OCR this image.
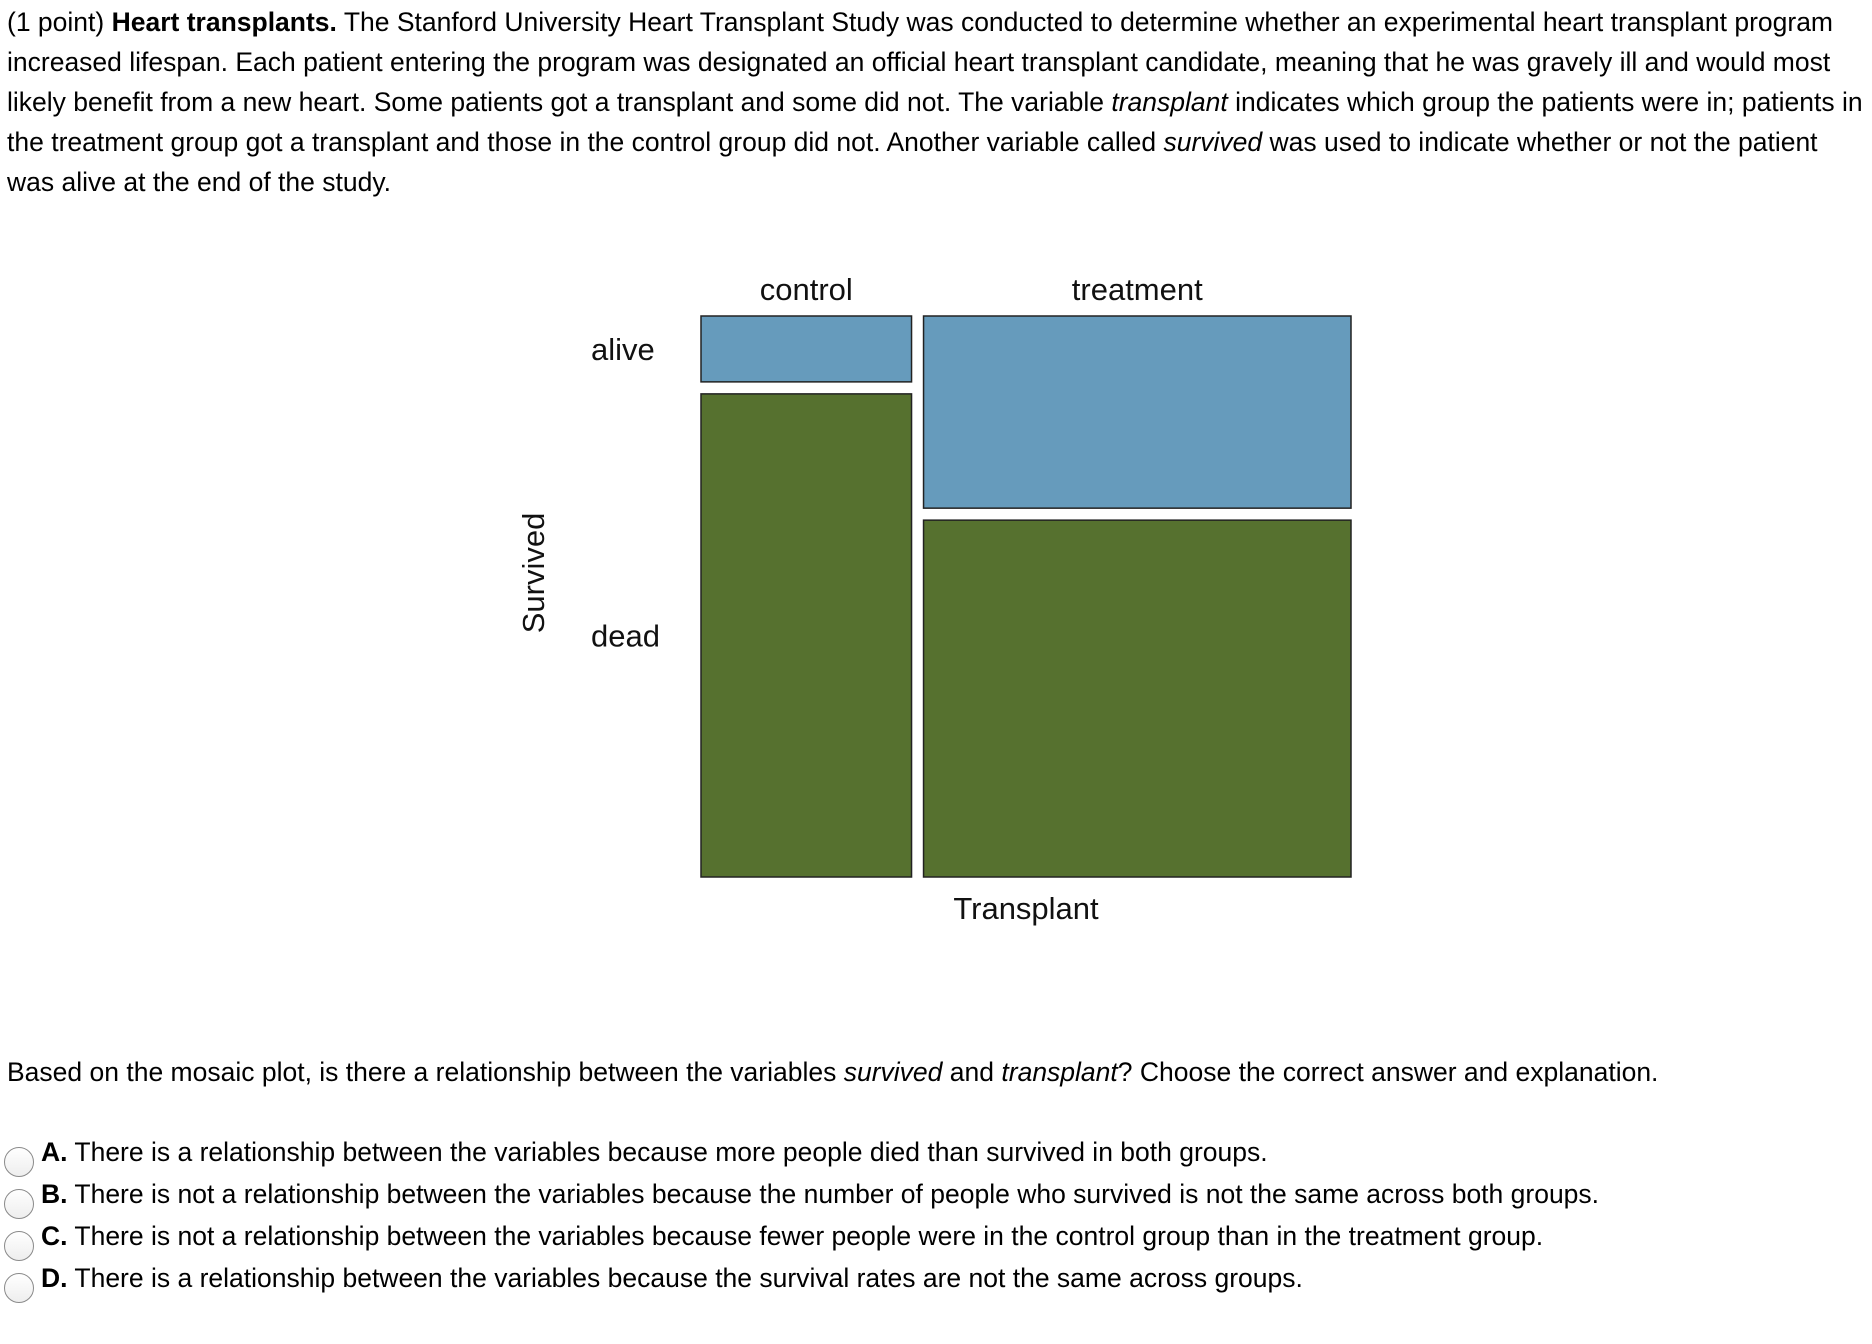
(1 point) Heart transplants. The Stanford University Heart Transplant Study was conducted to determine whether an experimental heart transplant program increased lifespan. Each patient entering the program was designated an official heart transplant candidate, meaning that he was gravely ill and would most likely benefit from a new heart. Some patients got a transplant and some did not. The variable transplant indicates which group the patients were in; patients in the treatment group got a transplant and those in the control group did not. Another variable called survived was used to indicate whether or not the patient was alive at the end of the study.
control	treatment
alive
dead
Transplant
Survived
Based on the mosaic plot, is there a relationship between the variables survived and transplant? Choose the correct answer and explanation.
A. There is a relationship between the variables because more people died than survived in both groups.
B. There is not a relationship between the variables because the number of people who survived is not the same across both groups.
C. There is not a relationship between the variables because fewer people were in the control group than in the treatment group.
D. There is a relationship between the variables because the survival rates are not the same across groups.
